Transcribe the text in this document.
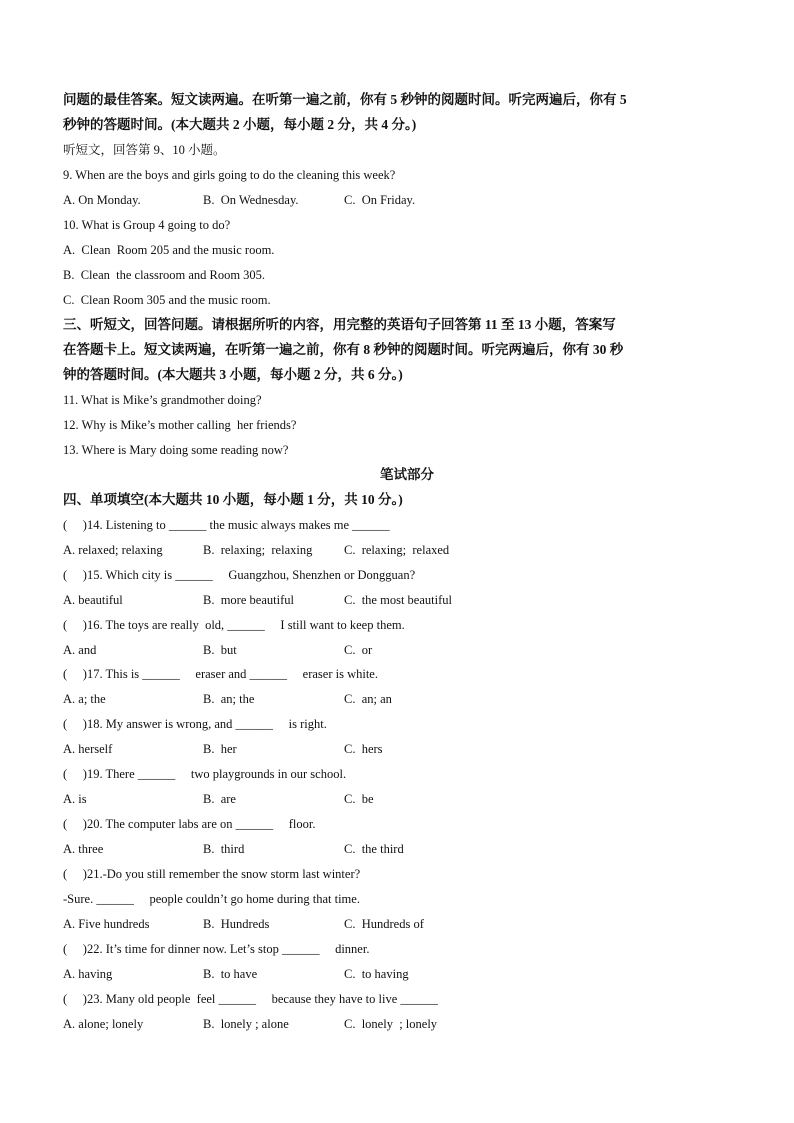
问题的最佳答案。短文读两遍。在听第一遍之前，你有 5 秒钟的阅题时间。听完两遍后，你有 5
秒钟的答题时间。(本大题共 2 小题，每小题 2 分，共 4 分。)
听短文，回答第 9、10 小题。
9. When are the boys and girls going to do the cleaning this week?
A. On Monday.	B.  On Wednesday.	C.  On Friday.
10. What is Group 4 going to do?
A.  Clean  Room 205 and the music room.
B.  Clean  the classroom and Room 305.
C.  Clean Room 305 and the music room.
三、听短文，回答问题。请根据所听的内容，用完整的英语句子回答第 11 至 13 小题，答案写
在答题卡上。短文读两遍，在听第一遍之前，你有 8 秒钟的阅题时间。听完两遍后，你有 30 秒
钟的答题时间。(本大题共 3 小题，每小题 2 分，共 6 分。)
11. What is Mike’s grandmother doing?
12. Why is Mike’s mother calling  her friends?
13. Where is Mary doing some reading now?
笔试部分
四、单项填空(本大题共 10 小题，每小题 1 分，共 10 分。)
(     )14. Listening to ______ the music always makes me ______
A. relaxed; relaxing	B.  relaxing;  relaxing	C.  relaxing;  relaxed
(     )15. Which city is ______     Guangzhou, Shenzhen or Dongguan?
A. beautiful	B.  more beautiful	C.  the most beautiful
(     )16. The toys are really  old, ______     I still want to keep them.
A. and	B.  but	C.  or
(     )17. This is ______     eraser and ______     eraser is white.
A. a; the	B.  an; the	C.  an; an
(     )18. My answer is wrong, and ______     is right.
A. herself	B.  her	C.  hers
(     )19. There ______     two playgrounds in our school.
A. is	B.  are	C.  be
(     )20. The computer labs are on ______     floor.
A. three	B.  third	C.  the third
(     )21.-Do you still remember the snow storm last winter?
-Sure. ______     people couldn’t go home during that time.
A. Five hundreds	B.  Hundreds	C.  Hundreds of
(     )22. It’s time for dinner now. Let’s stop ______     dinner.
A. having	B.  to have	C.  to having
(     )23. Many old people  feel ______     because they have to live ______
A. alone; lonely	B.  lonely ; alone	C.  lonely  ; lonely
